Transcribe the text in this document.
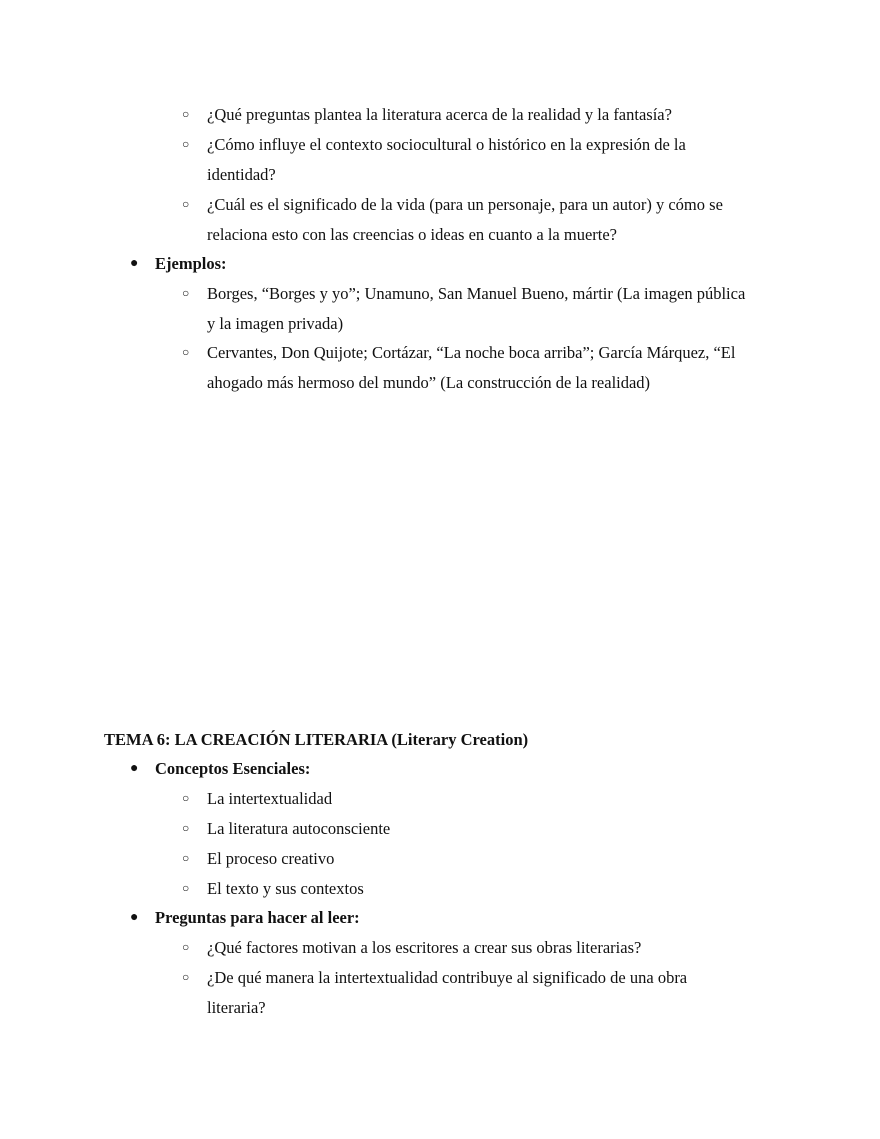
○ ¿Qué preguntas plantea la literatura acerca de la realidad y la fantasía?
○ ¿Cómo influye el contexto sociocultural o histórico en la expresión de la
identidad?
○ ¿Cuál es el significado de la vida (para un personaje, para un autor) y cómo se
relaciona esto con las creencias o ideas en cuanto a la muerte?
● Ejemplos:
○ Borges, “Borges y yo”; Unamuno, San Manuel Bueno, mártir (La imagen pública
y la imagen privada)
○ Cervantes, Don Quijote; Cortázar, “La noche boca arriba”; García Márquez, “El
ahogado más hermoso del mundo” (La construcción de la realidad)
TEMA 6: LA CREACIÓN LITERARIA (Literary Creation)
● Conceptos Esenciales:
○ La intertextualidad
○ La literatura autoconsciente
○ El proceso creativo
○ El texto y sus contextos
● Preguntas para hacer al leer:
○ ¿Qué factores motivan a los escritores a crear sus obras literarias?
○ ¿De qué manera la intertextualidad contribuye al significado de una obra
literaria?
